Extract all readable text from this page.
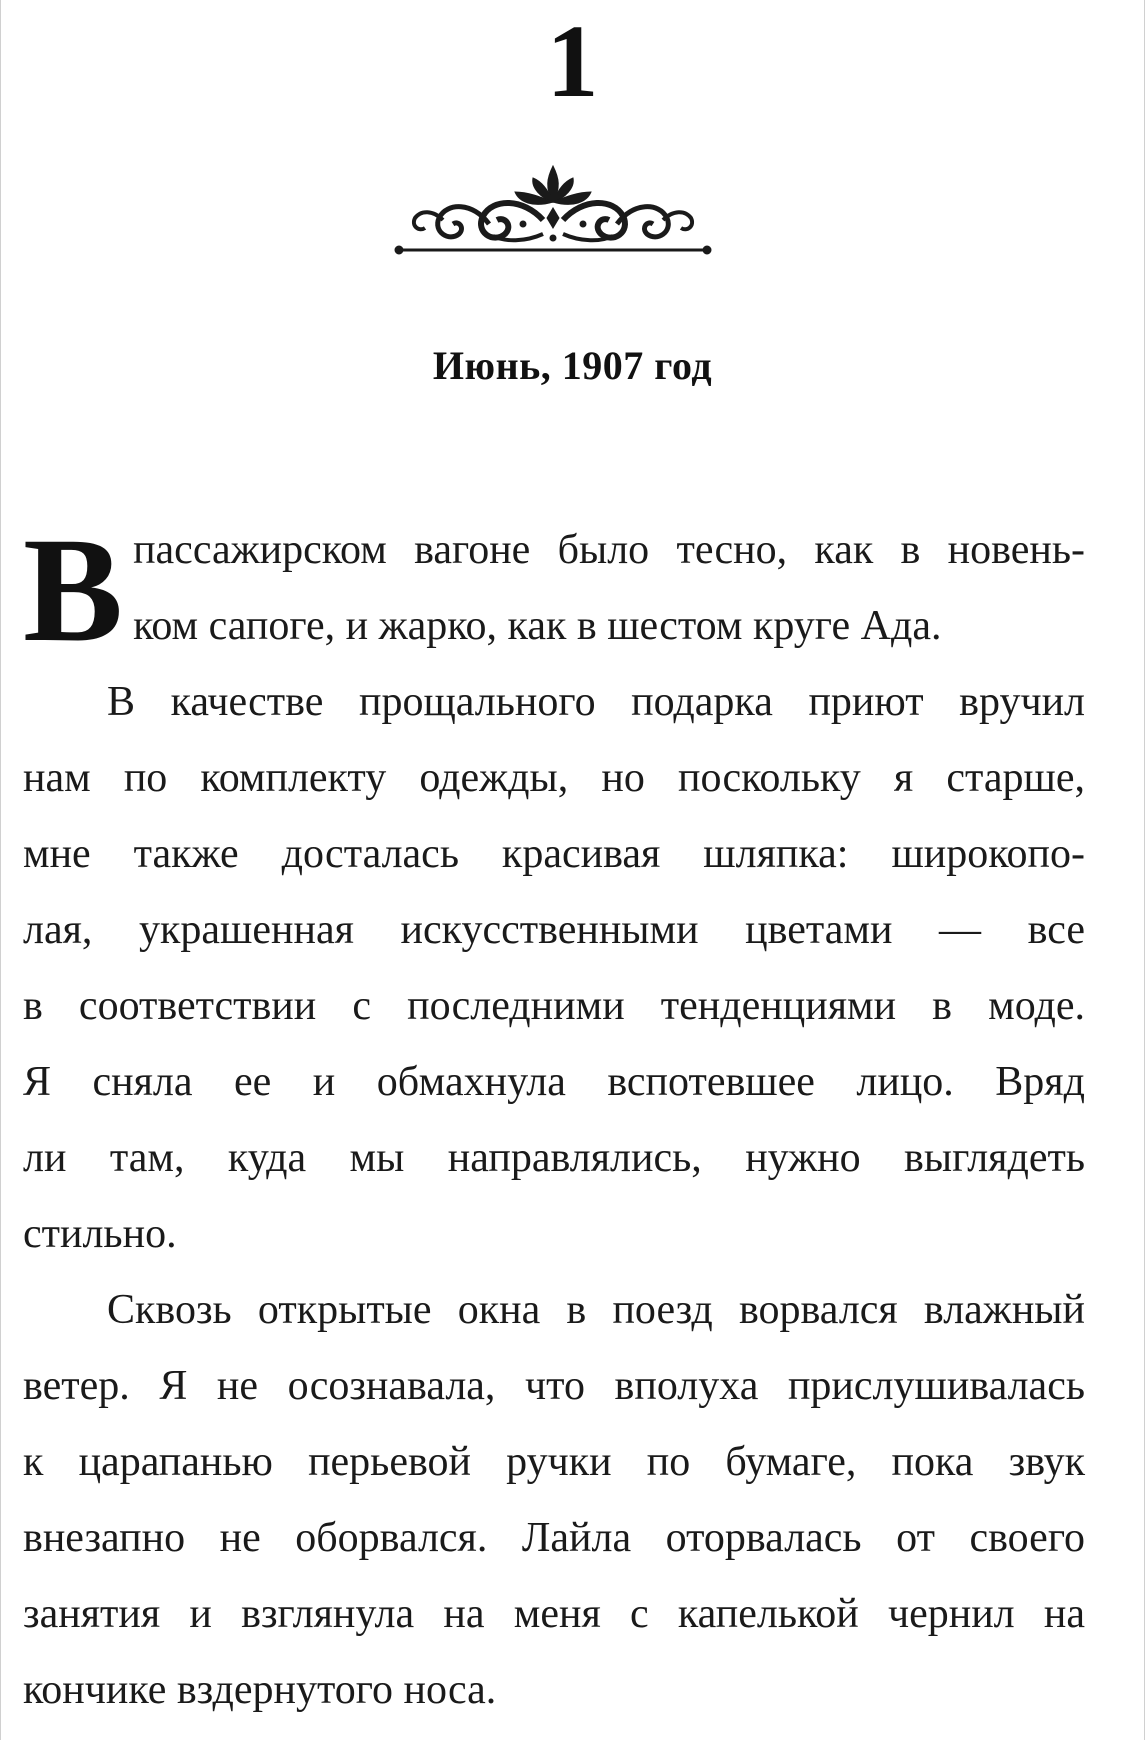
1
Июнь, 1907 год
В пассажирском вагоне было тесно, как в новень-
ком сапоге, и жарко, как в шестом круге Ада.
В качестве прощального подарка приют вручил
нам по комплекту одежды, но поскольку я старше,
мне также досталась красивая шляпка: широкопо-
лая, украшенная искусственными цветами — все
в соответствии с последними тенденциями в моде.
Я сняла ее и обмахнула вспотевшее лицо. Вряд
ли там, куда мы направлялись, нужно выглядеть
стильно.
Сквозь открытые окна в поезд ворвался влажный
ветер. Я не осознавала, что вполуха прислушивалась
к царапанью перьевой ручки по бумаге, пока звук
внезапно не оборвался. Лайла оторвалась от своего
занятия и взглянула на меня с капелькой чернил на
кончике вздернутого носа.
